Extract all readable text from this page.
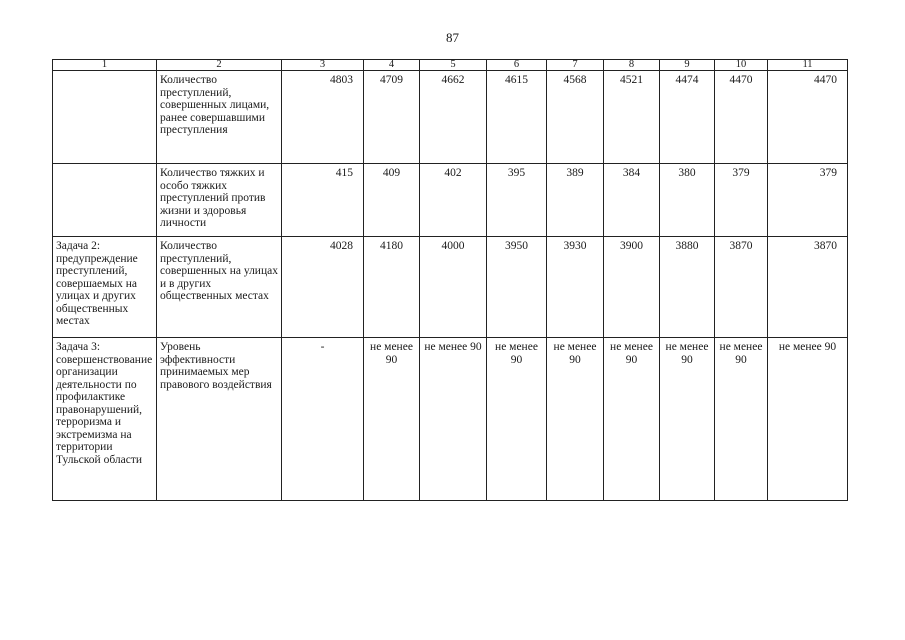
87
1	2	3	4	5	6	7	8	9	10	11
	Количество преступлений, совершенных лицами, ранее совершавшими преступления	4803	4709	4662	4615	4568	4521	4474	4470	4470
	Количество тяжких и особо тяжких преступлений против жизни и здоровья личности	415	409	402	395	389	384	380	379	379
Задача 2: предупреждение преступлений, совершаемых на улицах и других общественных местах	Количество преступлений, совершенных на улицах и в других общественных местах	4028	4180	4000	3950	3930	3900	3880	3870	3870
Задача 3: совершенствование организации деятельности по профилактике правонарушений, терроризма и экстремизма на территории Тульской области	Уровень эффективности принимаемых мер правового воздействия	-	не менее 90	не менее 90	не менее 90	не менее 90	не менее 90	не менее 90	не менее 90	не менее 90
